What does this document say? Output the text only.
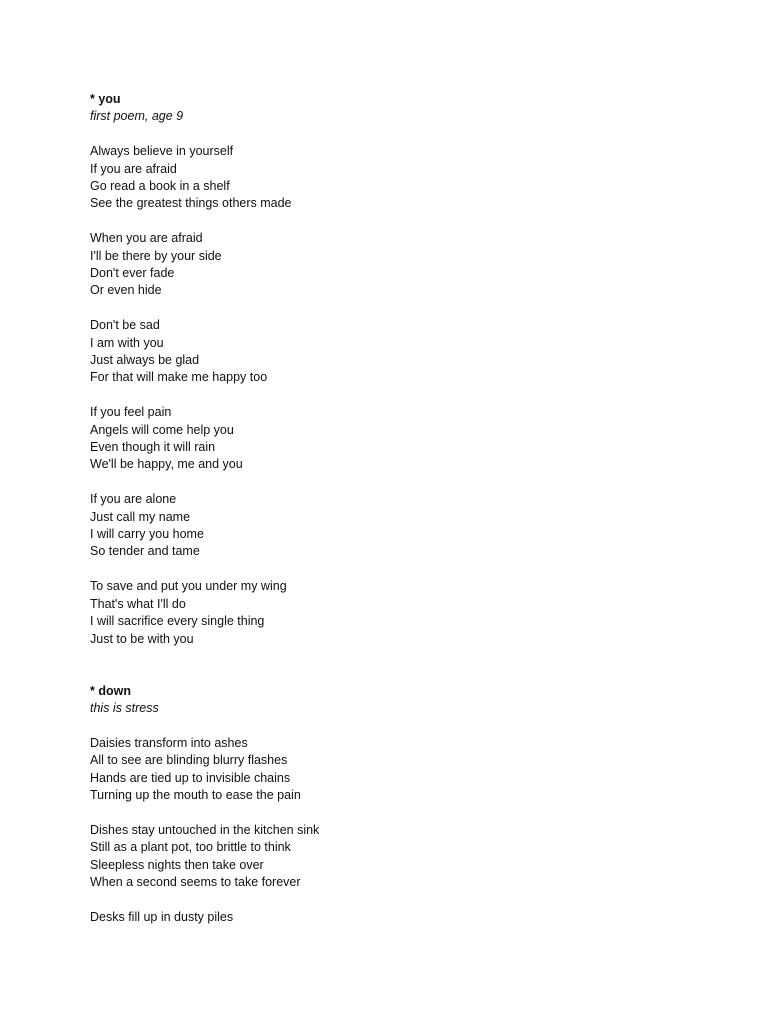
* you
first poem, age 9
Always believe in yourself
If you are afraid
Go read a book in a shelf
See the greatest things others made
When you are afraid
I'll be there by your side
Don't ever fade
Or even hide
Don't be sad
I am with you
Just always be glad
For that will make me happy too
If you feel pain
Angels will come help you
Even though it will rain
We'll be happy, me and you
If you are alone
Just call my name
I will carry you home
So tender and tame
To save and put you under my wing
That's what I'll do
I will sacrifice every single thing
Just to be with you
* down
this is stress
Daisies transform into ashes
All to see are blinding blurry flashes
Hands are tied up to invisible chains
Turning up the mouth to ease the pain
Dishes stay untouched in the kitchen sink
Still as a plant pot, too brittle to think
Sleepless nights then take over
When a second seems to take forever
Desks fill up in dusty piles
